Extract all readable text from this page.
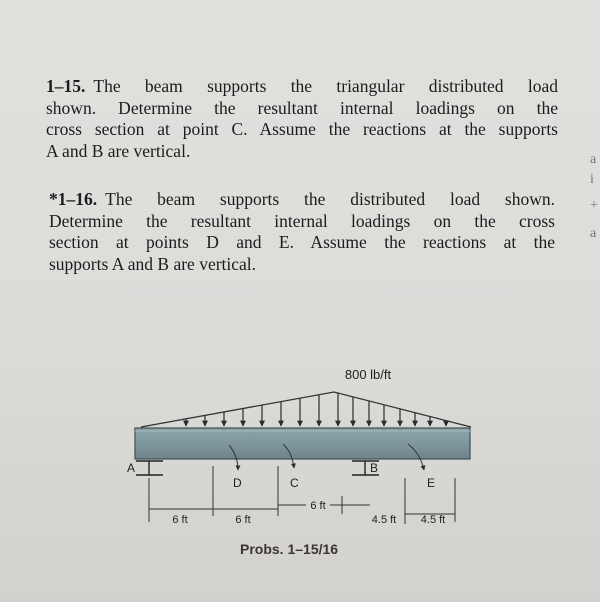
1–15. The beam supports the triangular distributed load
shown. Determine the resultant internal loadings on the
cross section at point C. Assume the reactions at the supports
A and B are vertical.

*1–16. The beam supports the distributed load shown.
Determine the resultant internal loadings on the cross
section at points D and E. Assume the reactions at the
supports A and B are vertical.

a
i
+
a
800 lb/ft
A	B
D	C	E
6 ft	6 ft
6 ft
4.5 ft 4.5 ft
Probs. 1–15/16
